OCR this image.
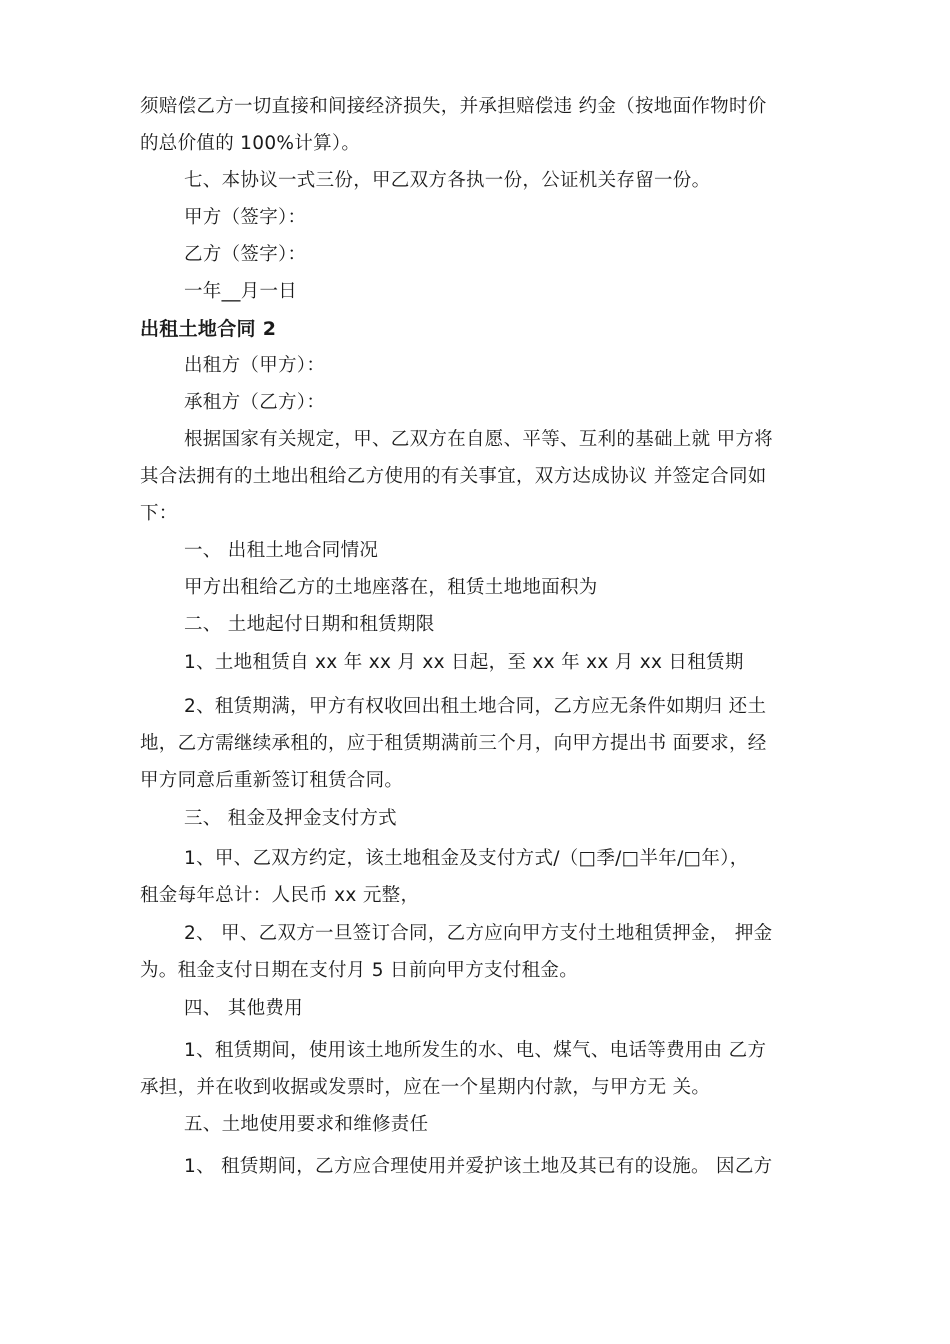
须赔偿乙方一切直接和间接经济损失，并承担赔偿违 约金（按地面作物时价
的总价值的 100%计算）。
七、本协议一式三份，甲乙双方各执一份，公证机关存留一份。
甲方（签字）：
乙方（签字）：
一年__月一日
出租土地合同 2
出租方（甲方）：
承租方（乙方）：
根据国家有关规定，甲、乙双方在自愿、平等、互利的基础上就 甲方将
其合法拥有的土地出租给乙方使用的有关事宜，双方达成协议 并签定合同如
下：
一、 出租土地合同情况
甲方出租给乙方的土地座落在，租赁土地地面积为
二、 土地起付日期和租赁期限
1、土地租赁自 xx 年 xx 月 xx 日起，至 xx 年 xx 月 xx 日租赁期
2、租赁期满，甲方有权收回出租土地合同，乙方应无条件如期归 还土
地，乙方需继续承租的，应于租赁期满前三个月，向甲方提出书 面要求，经
甲方同意后重新签订租赁合同。
三、 租金及押金支付方式
1、甲、乙双方约定，该土地租金及支付方式/（□季/□半年/□年），
租金每年总计：人民币 xx 元整，
2、 甲、乙双方一旦签订合同，乙方应向甲方支付土地租赁押金， 押金
为。租金支付日期在支付月 5 日前向甲方支付租金。
四、 其他费用
1、租赁期间，使用该土地所发生的水、电、煤气、电话等费用由 乙方
承担，并在收到收据或发票时，应在一个星期内付款，与甲方无 关。
五、土地使用要求和维修责任
1、 租赁期间，乙方应合理使用并爱护该土地及其已有的设施。 因乙方
